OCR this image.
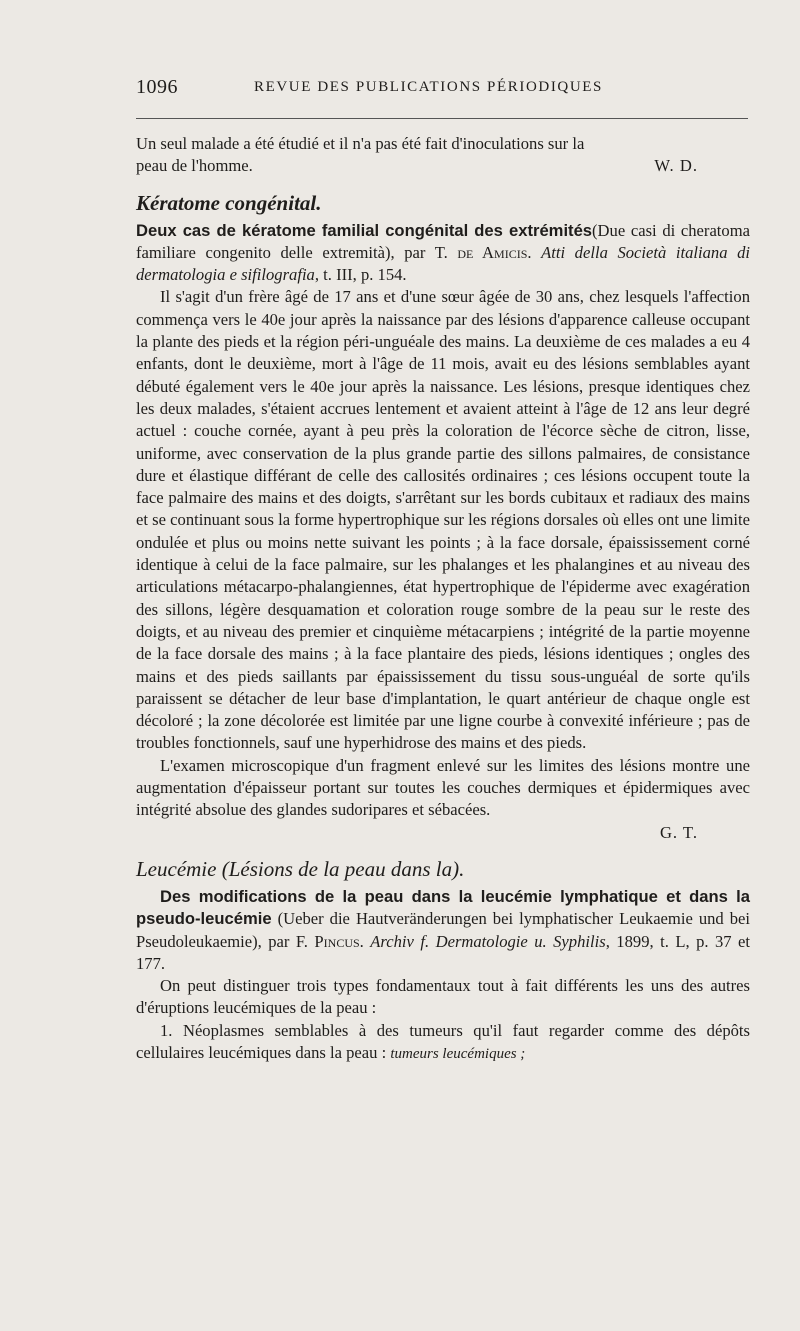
1096	REVUE DES PUBLICATIONS PÉRIODIQUES
Un seul malade a été étudié et il n'a pas été fait d'inoculations sur la
peau de l'homme.	W. D.
Kératome congénital.

Deux cas de kératome familial congénital des extrémités(Due casi di cheratoma familiare congenito delle extremità), par T. de Amicis. Atti della Società italiana di dermatologia e sifilografia, t. III, p. 154.

Il s'agit d'un frère âgé de 17 ans et d'une sœur âgée de 30 ans, chez lesquels l'affection commença vers le 40e jour après la naissance par des lésions d'apparence calleuse occupant la plante des pieds et la région péri-unguéale des mains. La deuxième de ces malades a eu 4 enfants, dont le deuxième, mort à l'âge de 11 mois, avait eu des lésions semblables ayant débuté également vers le 40e jour après la naissance. Les lésions, presque identiques chez les deux malades, s'étaient accrues lentement et avaient atteint à l'âge de 12 ans leur degré actuel : couche cornée, ayant à peu près la coloration de l'écorce sèche de citron, lisse, uniforme, avec conservation de la plus grande partie des sillons palmaires, de consistance dure et élastique différant de celle des callosités ordinaires ; ces lésions occupent toute la face palmaire des mains et des doigts, s'arrêtant sur les bords cubitaux et radiaux des mains et se continuant sous la forme hypertrophique sur les régions dorsales où elles ont une limite ondulée et plus ou moins nette suivant les points ; à la face dorsale, épaississement corné identique à celui de la face palmaire, sur les phalanges et les phalangines et au niveau des articulations métacarpo-phalangiennes, état hypertrophique de l'épiderme avec exagération des sillons, légère desquamation et coloration rouge sombre de la peau sur le reste des doigts, et au niveau des premier et cinquième métacarpiens ; intégrité de la partie moyenne de la face dorsale des mains ; à la face plantaire des pieds, lésions identiques ; ongles des mains et des pieds saillants par épaississement du tissu sous-unguéal de sorte qu'ils paraissent se détacher de leur base d'implantation, le quart antérieur de chaque ongle est décoloré ; la zone décolorée est limitée par une ligne courbe à convexité inférieure ; pas de troubles fonctionnels, sauf une hyperhidrose des mains et des pieds.

L'examen microscopique d'un fragment enlevé sur les limites des lésions montre une augmentation d'épaisseur portant sur toutes les couches dermiques et épidermiques avec intégrité absolue des glandes sudoripares et sébacées.

G. T.
Leucémie (Lésions de la peau dans la).

Des modifications de la peau dans la leucémie lymphatique et dans la pseudo-leucémie (Ueber die Hautveränderungen bei lymphatischer Leukaemie und bei Pseudoleukaemie), par F. Pincus. Archiv f. Dermatologie u. Syphilis, 1899, t. L, p. 37 et 177.

On peut distinguer trois types fondamentaux tout à fait différents les uns des autres d'éruptions leucémiques de la peau :

1. Néoplasmes semblables à des tumeurs qu'il faut regarder comme des dépôts cellulaires leucémiques dans la peau : tumeurs leucémiques ;
